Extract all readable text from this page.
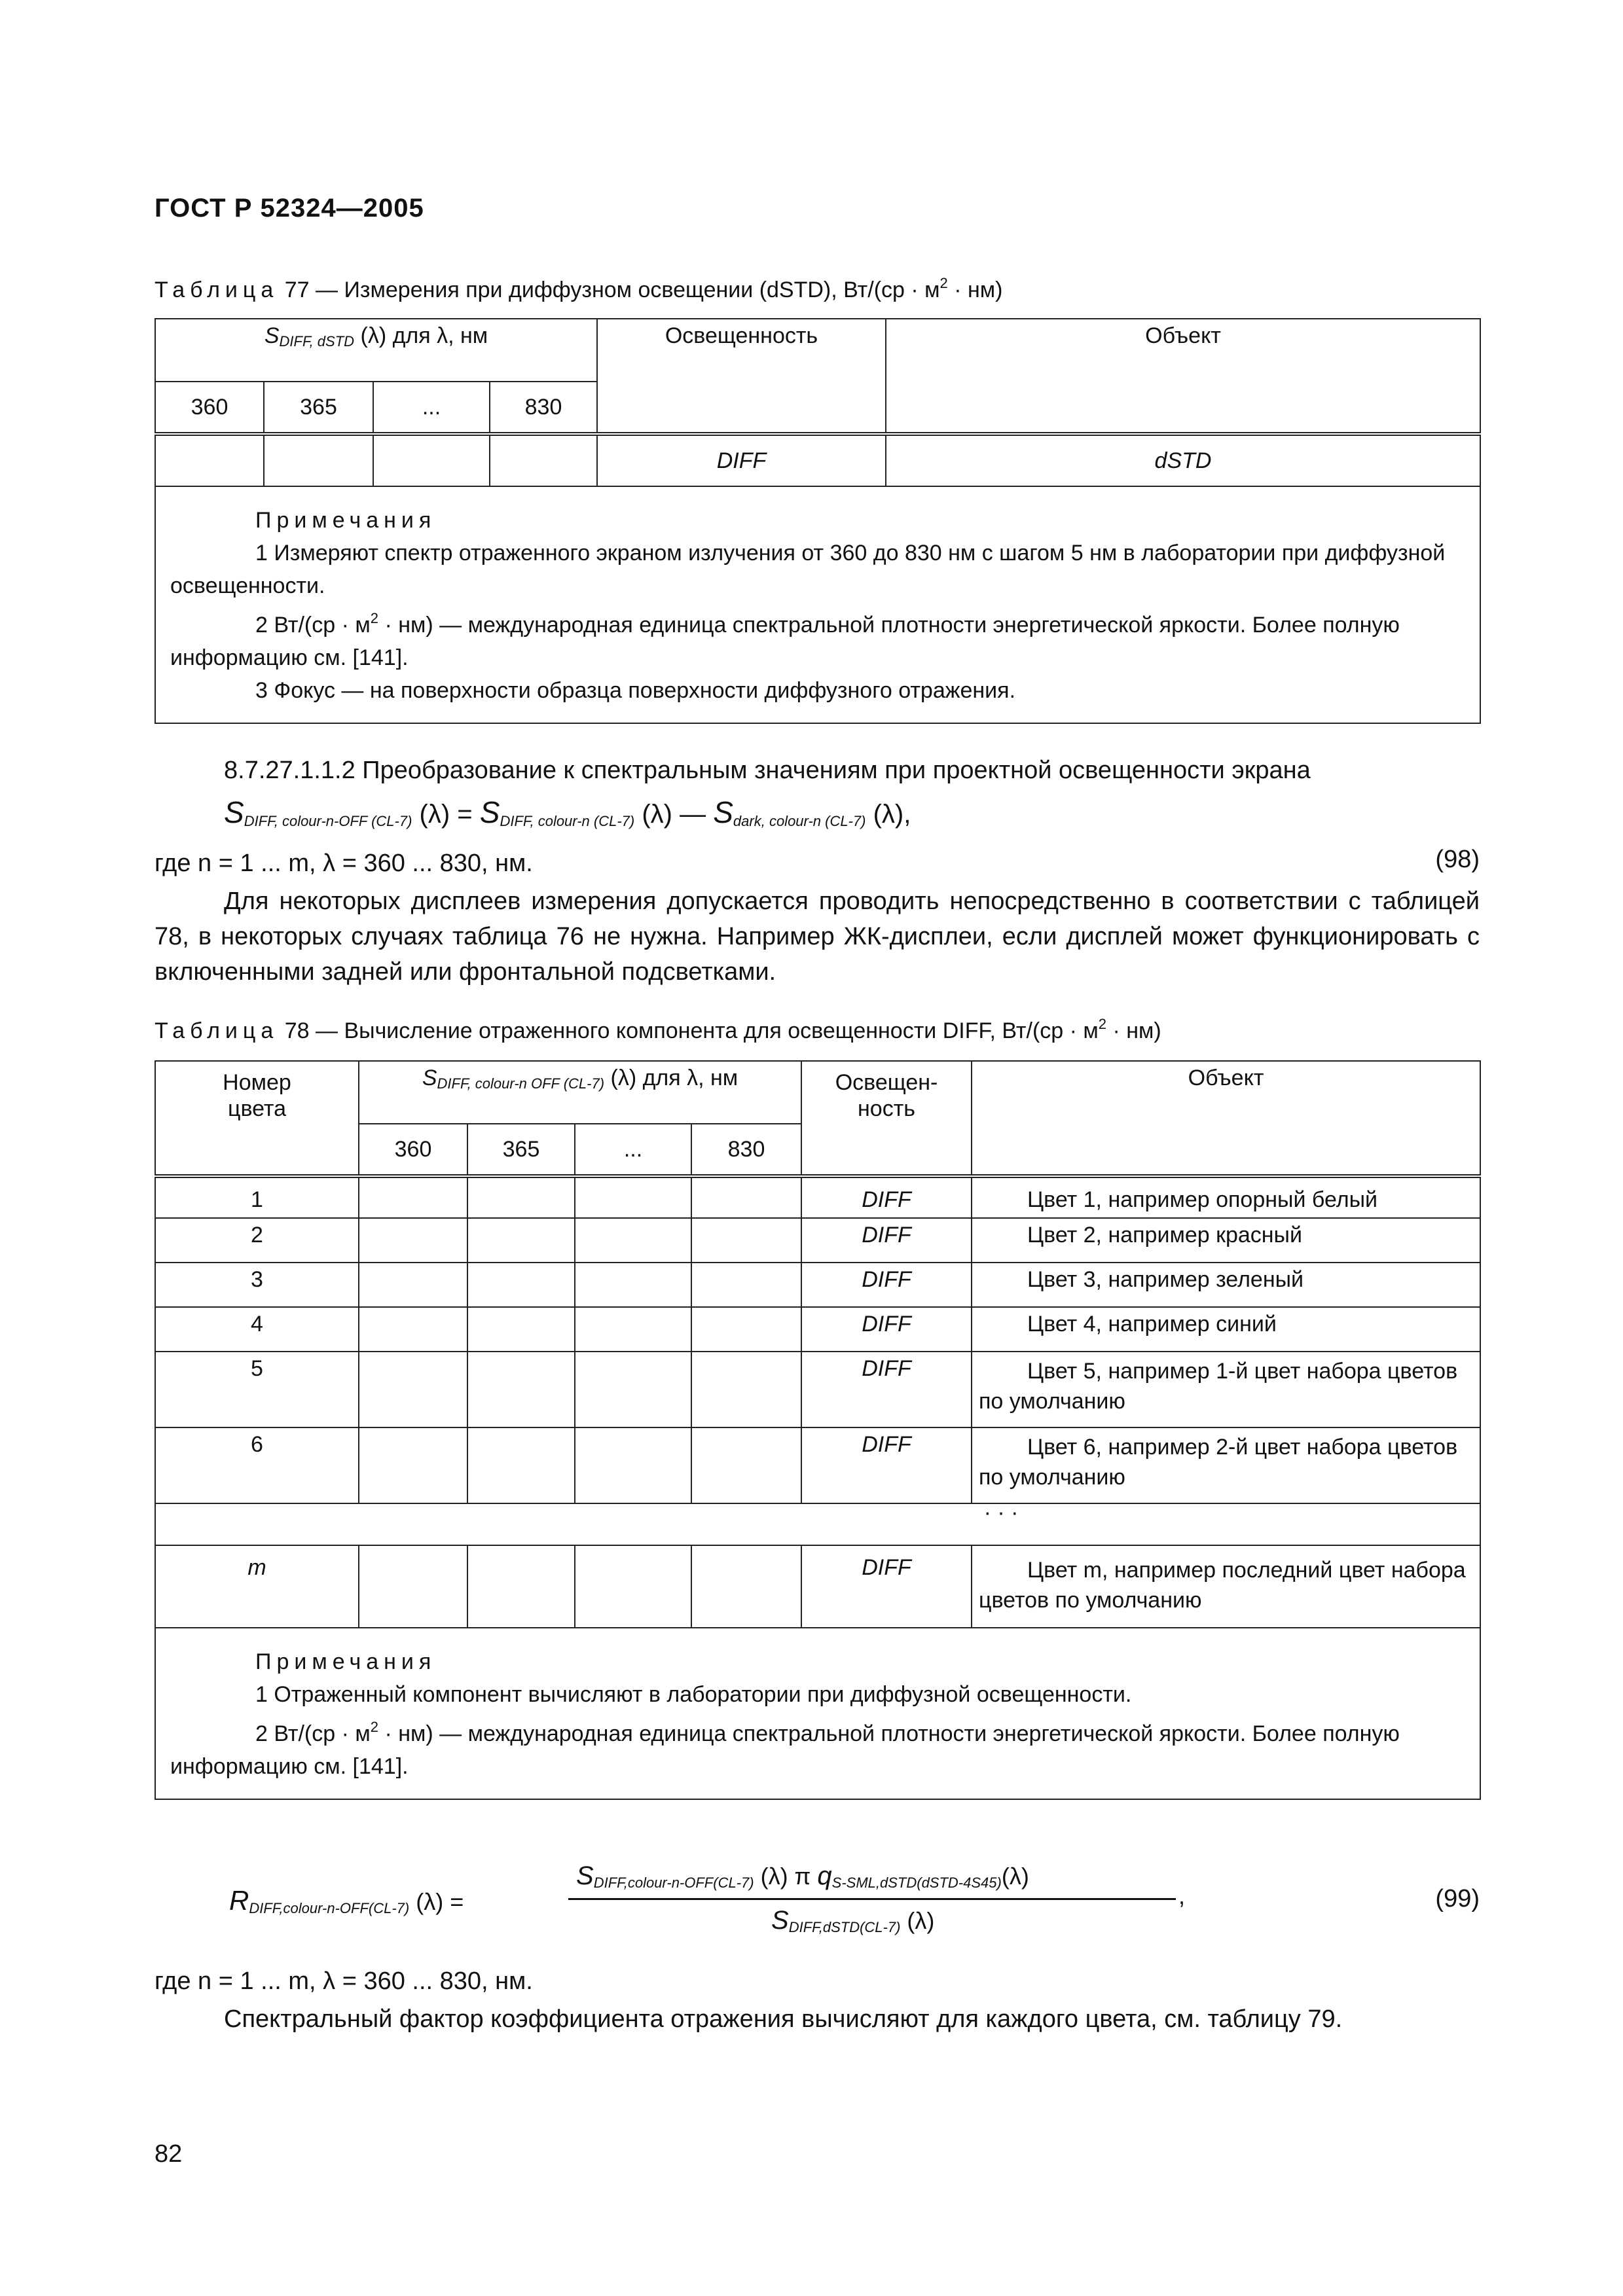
ГОСТ Р 52324—2005
Таблица 77 — Измерения при диффузном освещении (dSTD), $Вт/(ср \cdot м^2 \cdot нм)$
$S_{DIFF, dSTD}$ (λ) для λ, нм				Освещенность	Объект
360	365	...	830		
				DIFF	dSTD

Примечания
1 Измеряют спектр отраженного экраном излучения от 360 до 830 нм с шагом 5 нм в лаборатории при диффузной освещенности.
2 $Вт/(ср \cdot м^2 \cdot нм)$ — международная единица спектральной плотности энергетической яркости. Более полную информацию см. [141].
3 Фокус — на поверхности образца поверхности диффузного отражения.					
8.7.27.1.1.2 Преобразование к спектральным значениям при проектной освещенности экрана
$S_{DIFF, colour-n-OFF (CL-7)}$ $(\lambda) = S_{DIFF, colour-n (CL-7)}$ (λ) — $S_{dark, colour-n (CL-7)}$ (λ),
где n = 1 ... m, λ = 360 ... 830, нм.	(98)
Для некоторых дисплеев измерения допускается проводить непосредственно в соответствии с таблицей 78, в некоторых случаях таблица 76 не нужна. Например ЖК-дисплеи, если дисплей может функционировать с включенными задней или фронтальной подсветками.
Таблица 78 — Вычисление отраженного компонента для освещенности DIFF, $Вт/(ср \cdot м^2 \cdot нм)$
Номер цвета	$S_{DIFF, colour-n OFF (CL-7)}$ (λ) для λ, нм				Освещен-ность	Объект
	360	365	...	830		
1					DIFF	Цвет 1, например опорный белый
2					DIFF	Цвет 2, например красный
3					DIFF	Цвет 3, например зеленый
4					DIFF	Цвет 4, например синий
5					DIFF	Цвет 5, например 1-й цвет набора цветов по умолчанию
6					DIFF	Цвет 6, например 2-й цвет набора цветов по умолчанию
· · ·						
m					DIFF	Цвет m, например последний цвет набора цветов по умолчанию

Примечания
1 Отраженный компонент вычисляют в лаборатории при диффузной освещенности.
2 $Вт/(ср \cdot м^2 \cdot нм)$ — международная единица спектральной плотности энергетической яркости. Более полную информацию см. [141].						
$R_{DIFF,colour-n-OFF(CL-7)}$ (λ) =
$S_{DIFF,colour-n-OFF(CL-7)}$ (λ) π $q_{S-SML,dSTD(dSTD-4S45)}(\lambda)$
$S_{DIFF,dSTD(CL-7)}$ (λ)
,	(99)
где n = 1 ... m, λ = 360 ... 830, нм.
Спектральный фактор коэффициента отражения вычисляют для каждого цвета, см. таблицу 79.
82
